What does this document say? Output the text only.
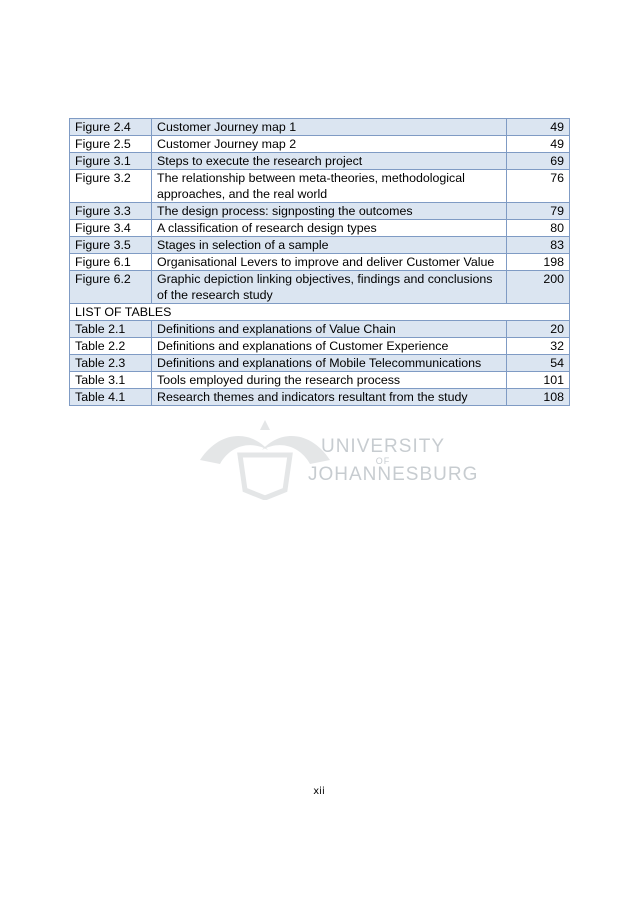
Figure 2.4	Customer Journey map 1	49
Figure 2.5	Customer Journey map 2	49
Figure 3.1	Steps to execute the research project	69
Figure 3.2	The relationship between meta-theories, methodological approaches, and the real world	76
Figure 3.3	The design process: signposting the outcomes	79
Figure 3.4	A classification of research design types	80
Figure 3.5	Stages in selection of a sample	83
Figure 6.1	Organisational Levers to improve and deliver Customer Value	198
Figure 6.2	Graphic depiction linking objectives, findings and conclusions of the research study	200
LIST OF TABLES		
Table 2.1	Definitions and explanations of Value Chain	20
Table 2.2	Definitions and explanations of Customer Experience	32
Table 2.3	Definitions and explanations of Mobile Telecommunications	54
Table 3.1	Tools employed during the research process	101
Table 4.1	Research themes and indicators resultant from the study	108
UNIVERSITY
OF
JOHANNESBURG
xii
